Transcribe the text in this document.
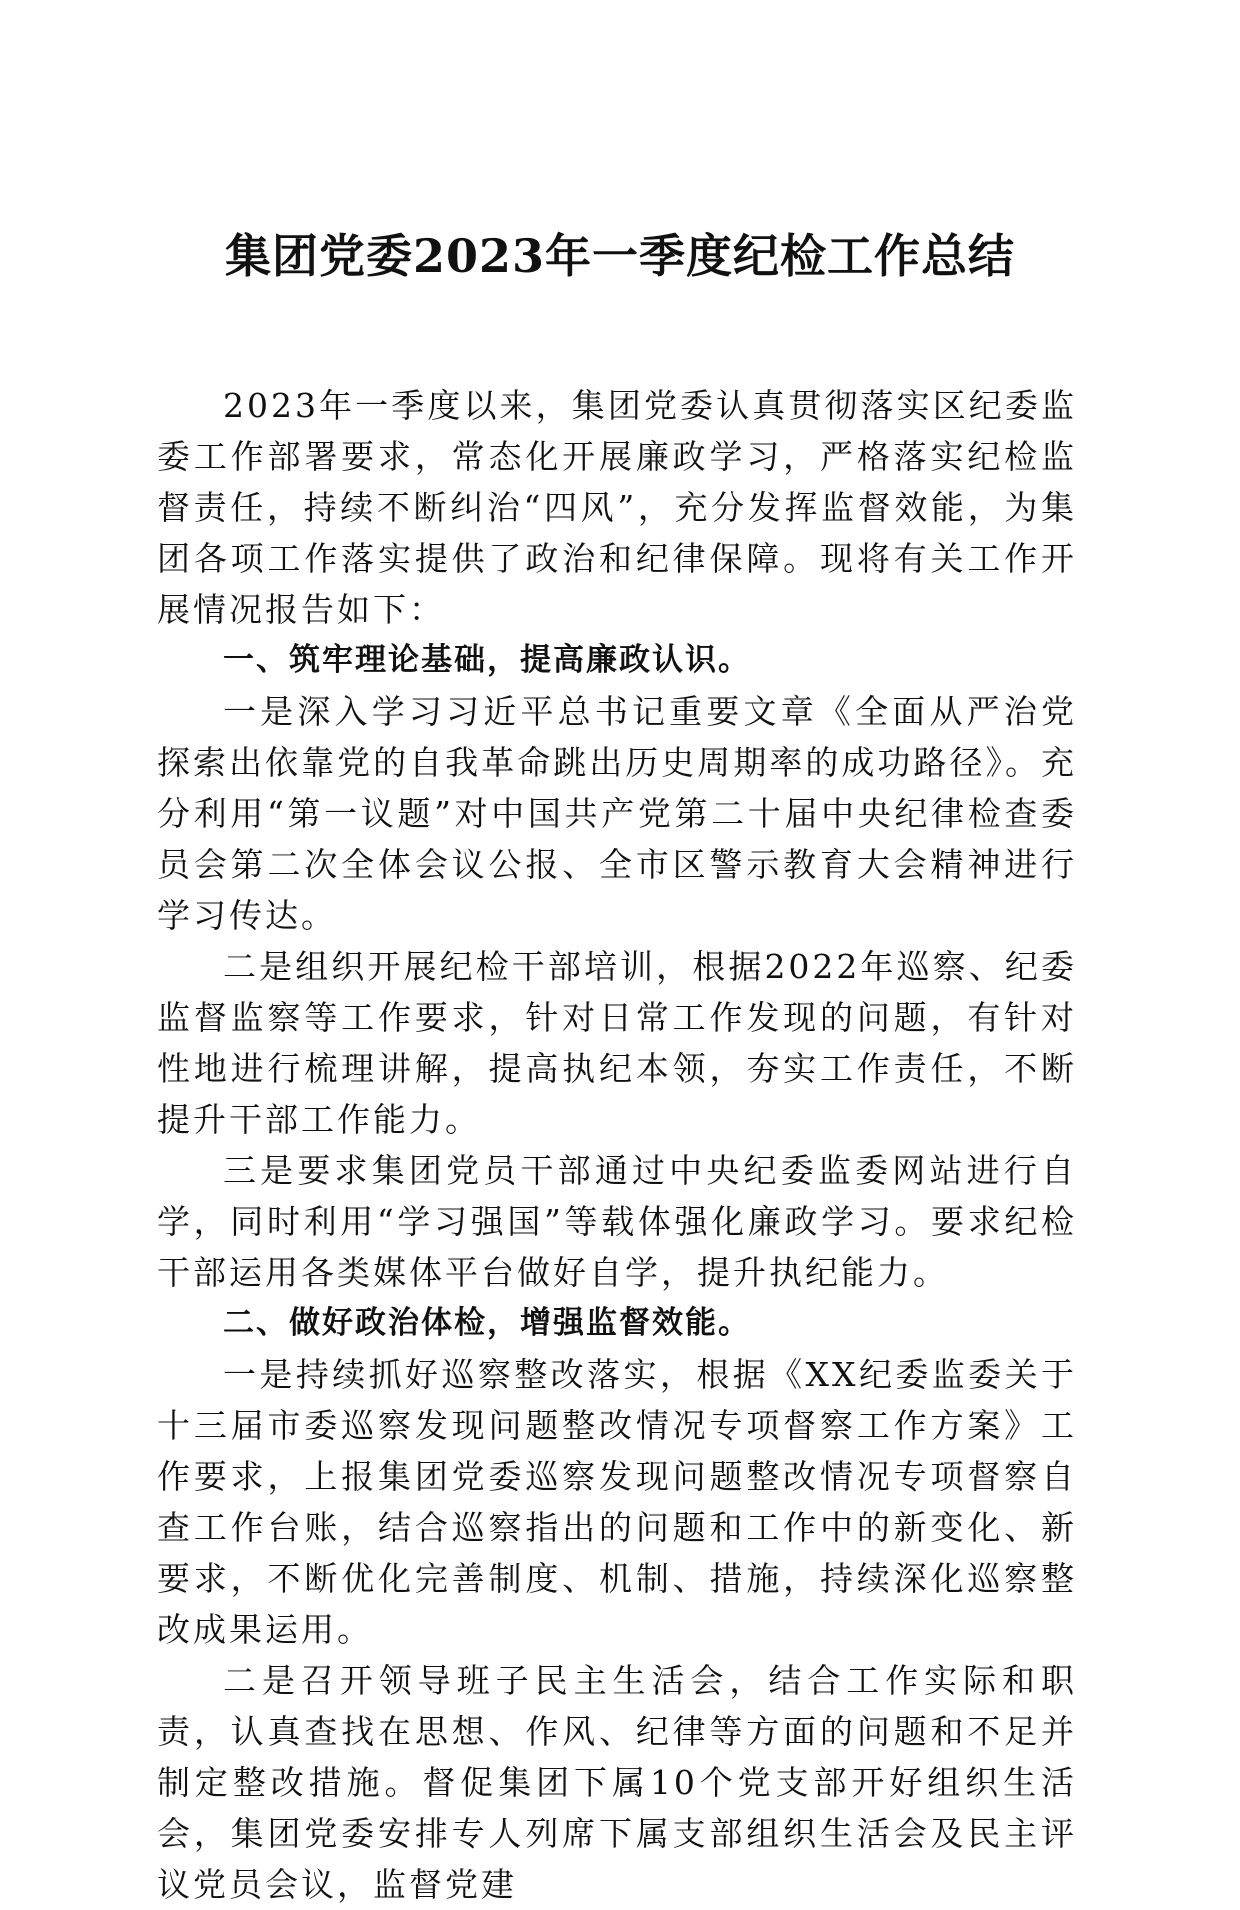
集团党委2023年一季度纪检工作总结

2023年一季度以来，集团党委认真贯彻落实区纪委监委工作部署要求，常态化开展廉政学习，严格落实纪检监督责任，持续不断纠治“四风”，充分发挥监督效能，为集团各项工作落实提供了政治和纪律保障。现将有关工作开展情况报告如下：

一、筑牢理论基础，提高廉政认识。

一是深入学习习近平总书记重要文章《全面从严治党探索出依靠党的自我革命跳出历史周期率的成功路径》。充分利用“第一议题”对中国共产党第二十届中央纪律检查委员会第二次全体会议公报、全市区警示教育大会精神进行学习传达。

二是组织开展纪检干部培训，根据2022年巡察、纪委监督监察等工作要求，针对日常工作发现的问题，有针对性地进行梳理讲解，提高执纪本领，夯实工作责任，不断提升干部工作能力。

三是要求集团党员干部通过中央纪委监委网站进行自学，同时利用“学习强国”等载体强化廉政学习。要求纪检干部运用各类媒体平台做好自学，提升执纪能力。

二、做好政治体检，增强监督效能。

一是持续抓好巡察整改落实，根据《XX纪委监委关于十三届市委巡察发现问题整改情况专项督察工作方案》工作要求，上报集团党委巡察发现问题整改情况专项督察自查工作台账，结合巡察指出的问题和工作中的新变化、新要求，不断优化完善制度、机制、措施，持续深化巡察整改成果运用。

二是召开领导班子民主生活会，结合工作实际和职责，认真查找在思想、作风、纪律等方面的问题和不足并制定整改措施。督促集团下属10个党支部开好组织生活会，集团党委安排专人列席下属支部组织生活会及民主评议党员会议，监督党建
